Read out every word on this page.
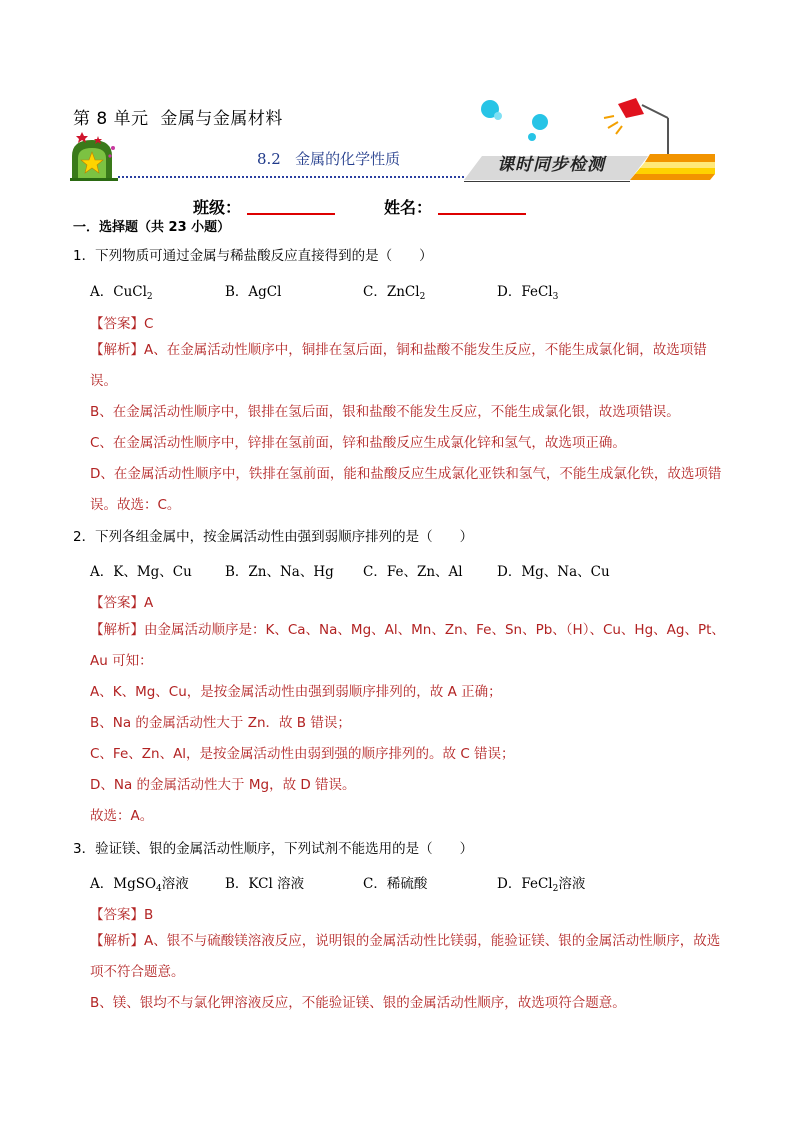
第 8 单元  金属与金属材料
8.2 金属的化学性质	课时同步检测
班级：	姓名：
一．选择题（共 23 小题）
1．下列物质可通过金属与稀盐酸反应直接得到的是（　　）
A．CuCl$_2$	B．AgCl	C．ZnCl$_2$	D．FeCl$_3$
【答案】C

【解析】A、在金属活动性顺序中，铜排在氢后面，铜和盐酸不能发生反应，不能生成氯化铜，故选项错误。

B、在金属活动性顺序中，银排在氢后面，银和盐酸不能发生反应，不能生成氯化银，故选项错误。

C、在金属活动性顺序中，锌排在氢前面，锌和盐酸反应生成氯化锌和氢气，故选项正确。

D、在金属活动性顺序中，铁排在氢前面，能和盐酸反应生成氯化亚铁和氢气，不能生成氯化铁，故选项错误。故选：C。

2．下列各组金属中，按金属活动性由强到弱顺序排列的是（　　）
A．K、Mg、Cu B．Zn、Na、Hg C．Fe、Zn、Al	D．Mg、Na、Cu
【答案】A

【解析】由金属活动顺序是：K、Ca、Na、Mg、Al、Mn、Zn、Fe、Sn、Pb、（H）、Cu、Hg、Ag、Pt、Au 可知：

A、K、Mg、Cu，是按金属活动性由强到弱顺序排列的，故 A 正确；

B、Na 的金属活动性大于 Zn．故 B 错误；

C、Fe、Zn、Al，是按金属活动性由弱到强的顺序排列的。故 C 错误；

D、Na 的金属活动性大于 Mg，故 D 错误。

故选：A。

3．验证镁、银的金属活动性顺序，下列试剂不能选用的是（　　）
A．MgSO$_4$溶液	B．KCl 溶液	C．稀硫酸	D．FeCl$_2$溶液
【答案】B

【解析】A、银不与硫酸镁溶液反应，说明银的金属活动性比镁弱，能验证镁、银的金属活动性顺序，故选项不符合题意。

B、镁、银均不与氯化钾溶液反应，不能验证镁、银的金属活动性顺序，故选项符合题意。
